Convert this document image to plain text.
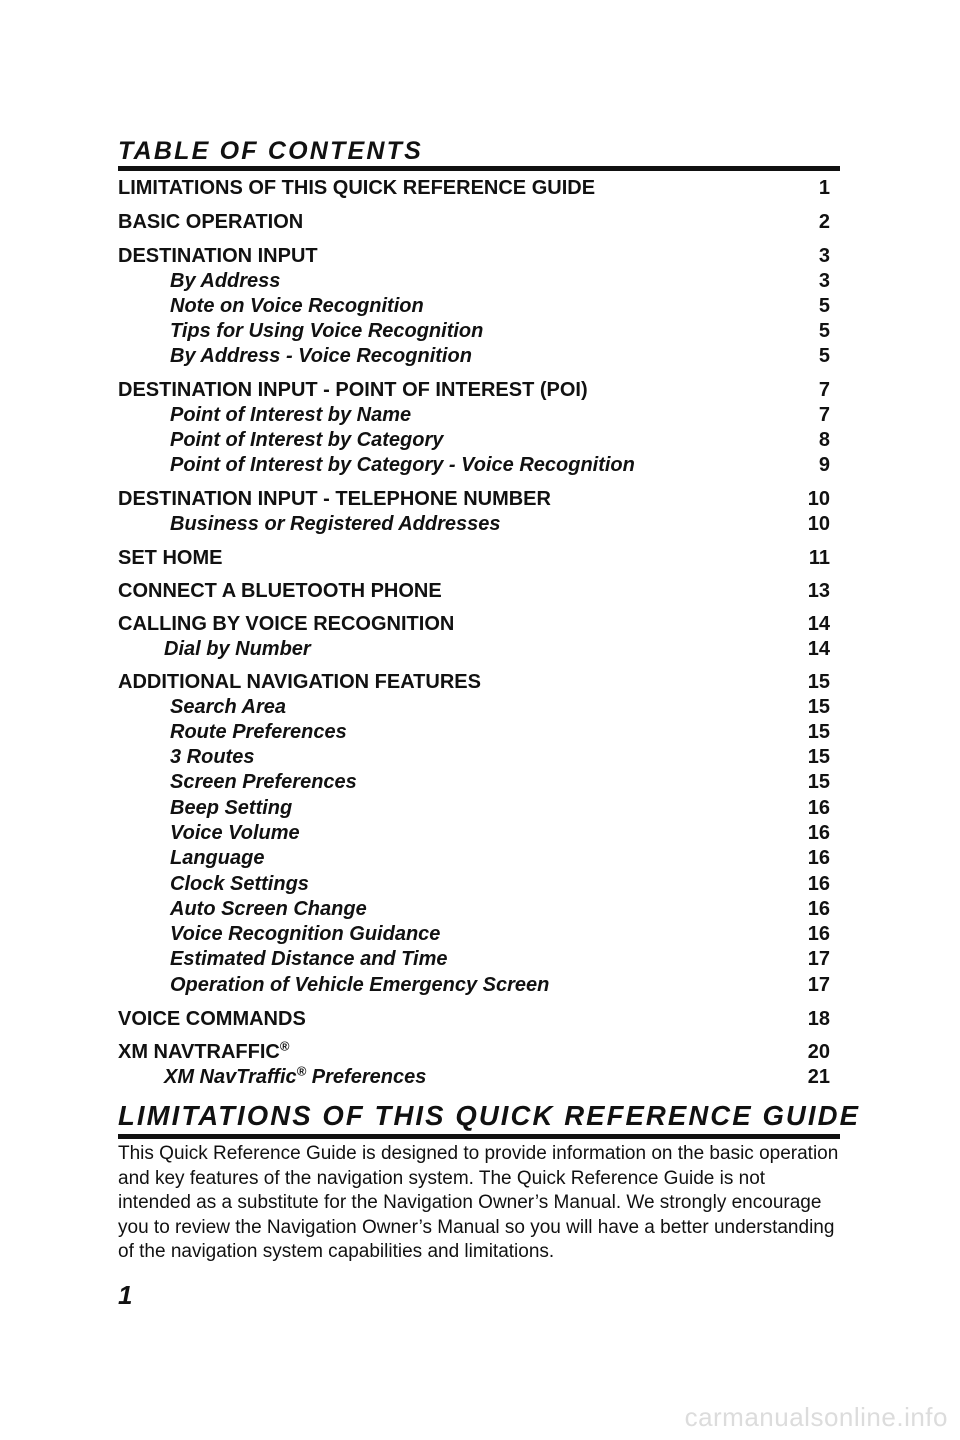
TABLE OF CONTENTS
LIMITATIONS OF THIS QUICK REFERENCE GUIDE	1
BASIC OPERATION	2
DESTINATION INPUT	3
By Address	3
Note on Voice Recognition	5
Tips for Using Voice Recognition	5
By Address - Voice Recognition	5
DESTINATION INPUT - POINT OF INTEREST (POI)	7
Point of Interest by Name	7
Point of Interest by Category	8
Point of Interest by Category - Voice Recognition	9
DESTINATION INPUT - TELEPHONE NUMBER	10
Business or Registered Addresses	10
SET HOME	11
CONNECT A BLUETOOTH PHONE	13
CALLING BY VOICE RECOGNITION	14
Dial by Number	14
ADDITIONAL NAVIGATION FEATURES	15
Search Area	15
Route Preferences	15
3 Routes	15
Screen Preferences	15
Beep Setting	16
Voice Volume	16
Language	16
Clock Settings	16
Auto Screen Change	16
Voice Recognition Guidance	16
Estimated Distance and Time	17
Operation of Vehicle Emergency Screen	17
VOICE COMMANDS	18
XM NAVTRAFFIC®	20
XM NavTraffic® Preferences	21
LIMITATIONS OF THIS QUICK REFERENCE GUIDE

This Quick Reference Guide is designed to provide information on the basic operation and key features of the navigation system. The Quick Reference Guide is not intended as a substitute for the Navigation Owner’s Manual. We strongly encourage you to review the Navigation Owner’s Manual so you will have a better understanding of the navigation system capabilities and limitations.

1

carmanualsonline.info
